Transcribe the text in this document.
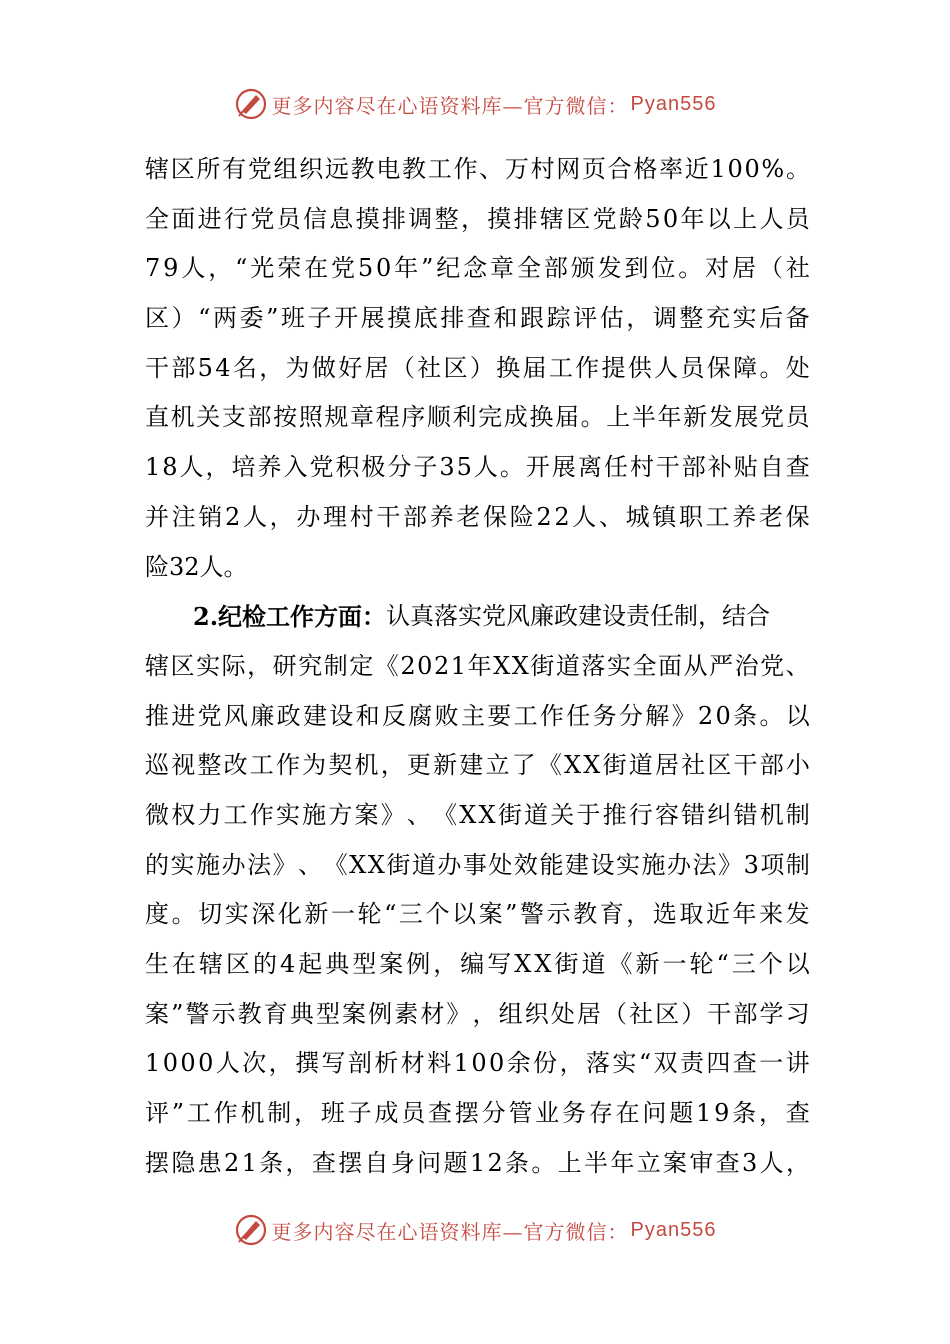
更多内容尽在心语资料库—官方微信： Pyan556
辖 区 所 有 党 组 织 远 教 电 教 工 作 、 万 村 网 页 合 格 率 近 1 0 0 % 。
全 面 进 行 党 员 信 息 摸 排 调 整 ， 摸 排 辖 区 党 龄 5 0 年 以 上 人 员
7 9 人 ， “ 光 荣 在 党 5 0 年 ” 纪 念 章 全 部 颁 发 到 位 。 对 居 （ 社
区 ） “ 两 委 ” 班 子 开 展 摸 底 排 查 和 跟 踪 评 估 ， 调 整 充 实 后 备
干 部 5 4 名 ， 为 做 好 居 （ 社 区 ） 换 届 工 作 提 供 人 员 保 障 。 处
直 机 关 支 部 按 照 规 章 程 序 顺 利 完 成 换 届 。 上 半 年 新 发 展 党 员
1 8 人 ， 培 养 入 党 积 极 分 子 3 5 人 。 开 展 离 任 村 干 部 补 贴 自 查
并 注 销 2 人 ， 办 理 村 干 部 养 老 保 险 2 2 人 、 城 镇 职 工 养 老 保
险32人。
2.纪检工作方面： 认真落实党风廉政建设责任制，结合
辖 区 实 际 ， 研 究 制 定 《 2 0 2 1 年 X X 街 道 落 实 全 面 从 严 治 党 、
推 进 党 风 廉 政 建 设 和 反 腐 败 主 要 工 作 任 务 分 解 》 2 0 条 。 以
巡 视 整 改 工 作 为 契 机 ， 更 新 建 立 了 《 X X 街 道 居 社 区 干 部 小
微 权 力 工 作 实 施 方 案 》 、 《 X X 街 道 关 于 推 行 容 错 纠 错 机 制
的 实 施 办 法 》 、 《 X X 街 道 办 事 处 效 能 建 设 实 施 办 法 》 3 项 制
度 。 切 实 深 化 新 一 轮 “ 三 个 以 案 ” 警 示 教 育 ， 选 取 近 年 来 发
生 在 辖 区 的 4 起 典 型 案 例 ， 编 写 X X 街 道 《 新 一 轮 “ 三 个 以
案 ” 警 示 教 育 典 型 案 例 素 材 》 ， 组 织 处 居 （ 社 区 ） 干 部 学 习
1 0 0 0 人 次 ， 撰 写 剖 析 材 料 1 0 0 余 份 ， 落 实 “ 双 责 四 查 一 讲
评 ” 工 作 机 制 ， 班 子 成 员 查 摆 分 管 业 务 存 在 问 题 1 9 条 ， 查
摆 隐 患 2 1 条 ， 查 摆 自 身 问 题 1 2 条 。 上 半 年 立 案 审 查 3 人 ，
更多内容尽在心语资料库—官方微信： Pyan556
